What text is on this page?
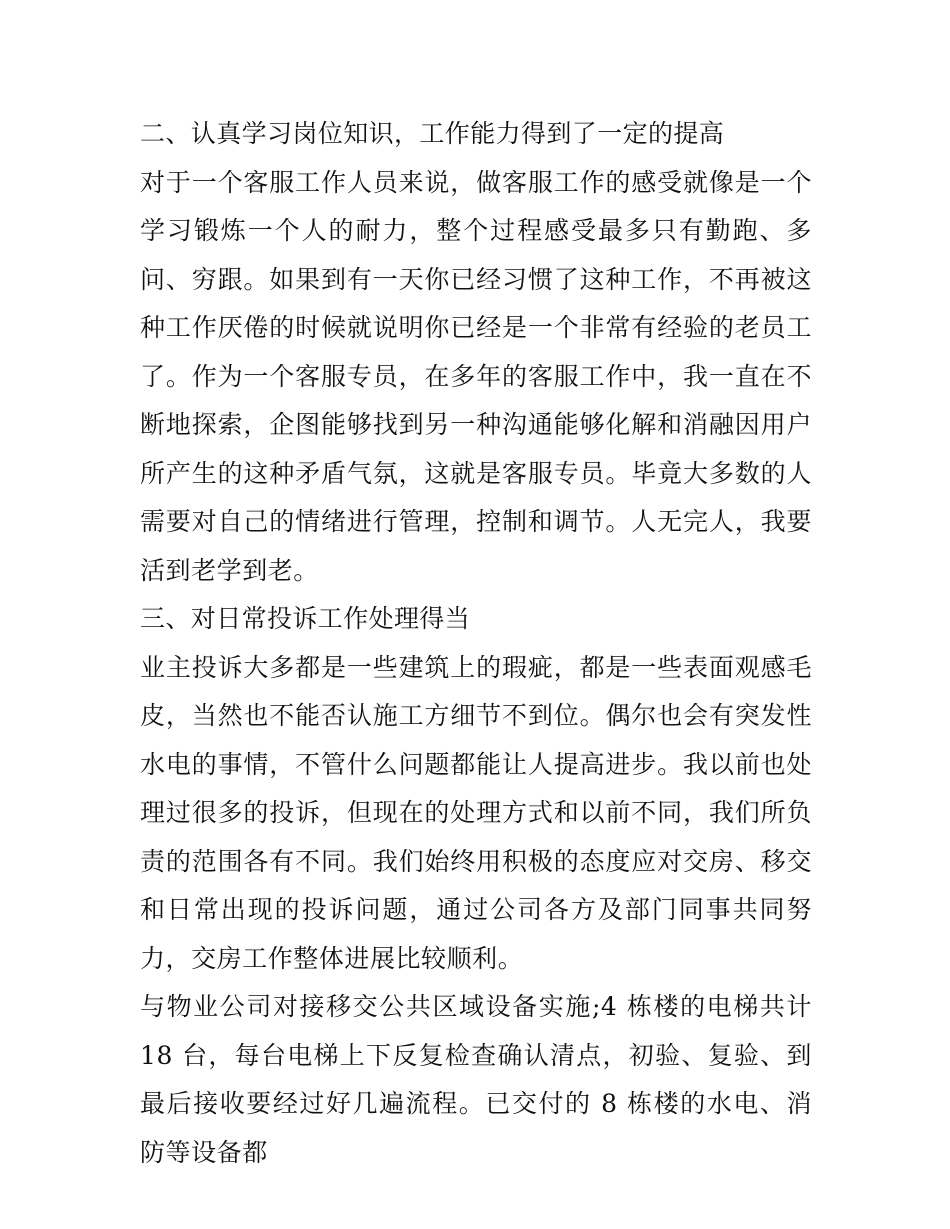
二、认真学习岗位知识，工作能力得到了一定的提高

对于一个客服工作人员来说，做客服工作的感受就像是一个学习锻炼一个人的耐力，整个过程感受最多只有勤跑、多问、穷跟。如果到有一天你已经习惯了这种工作，不再被这种工作厌倦的时候就说明你已经是一个非常有经验的老员工了。作为一个客服专员，在多年的客服工作中，我一直在不断地探索，企图能够找到另一种沟通能够化解和消融因用户所产生的这种矛盾气氛，这就是客服专员。毕竟大多数的人需要对自己的情绪进行管理，控制和调节。人无完人，我要活到老学到老。

三、对日常投诉工作处理得当

业主投诉大多都是一些建筑上的瑕疵，都是一些表面观感毛皮，当然也不能否认施工方细节不到位。偶尔也会有突发性水电的事情，不管什么问题都能让人提高进步。我以前也处理过很多的投诉，但现在的处理方式和以前不同，我们所负责的范围各有不同。我们始终用积极的态度应对交房、移交和日常出现的投诉问题，通过公司各方及部门同事共同努力，交房工作整体进展比较顺利。

与物业公司对接移交公共区域设备实施;4 栋楼的电梯共计 18 台，每台电梯上下反复检查确认清点，初验、复验、到最后接收要经过好几遍流程。已交付的 8 栋楼的水电、消防等设备都
